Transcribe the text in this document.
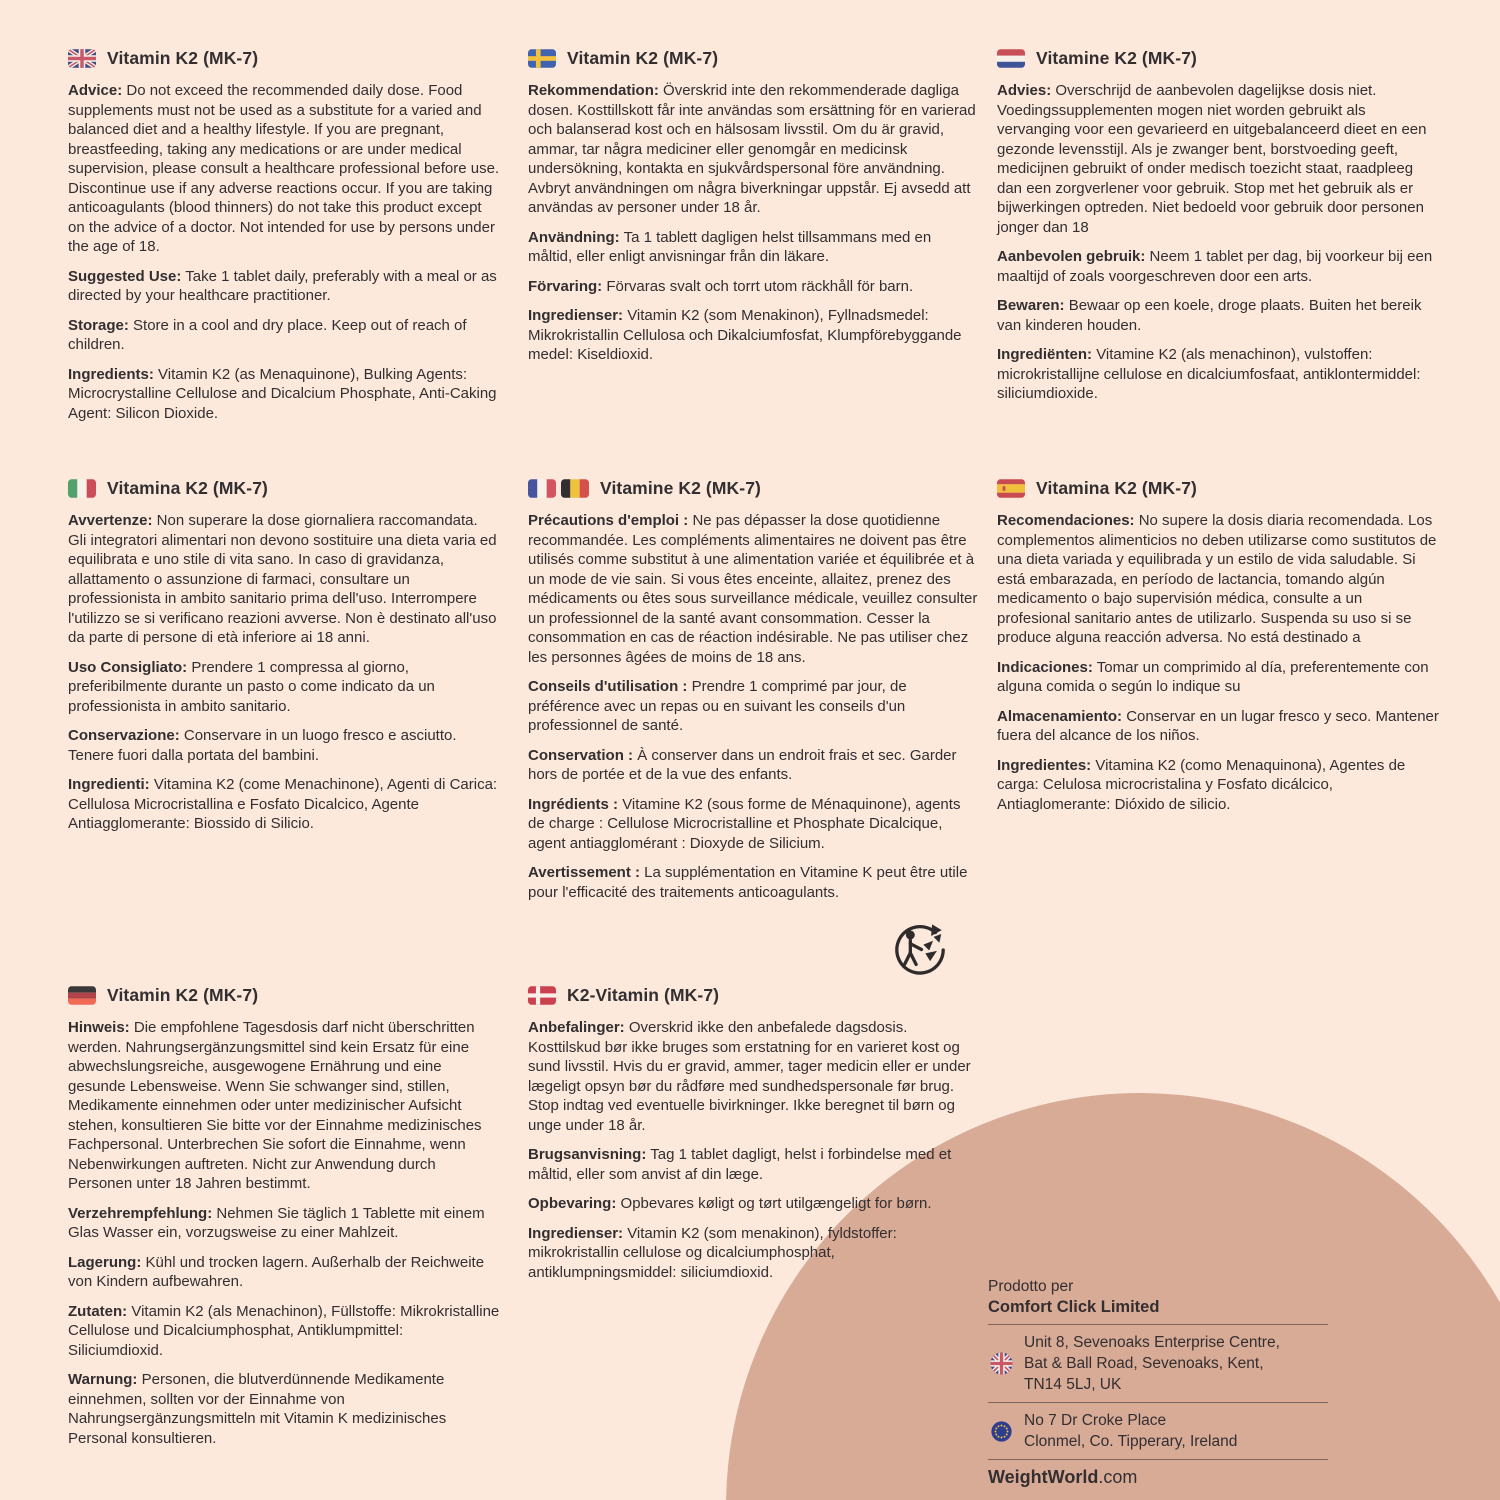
Vitamin K2 (MK-7)

Advice: Do not exceed the recommended daily dose. Food supplements must not be used as a substitute for a varied and balanced diet and a healthy lifestyle. If you are pregnant, breastfeeding, taking any medications or are under medical supervision, please consult a healthcare professional before use. Discontinue use if any adverse reactions occur. If you are taking anticoagulants (blood thinners) do not take this product except on the advice of a doctor. Not intended for use by persons under the age of 18.

Suggested Use: Take 1 tablet daily, preferably with a meal or as directed by your healthcare practitioner.

Storage: Store in a cool and dry place. Keep out of reach of children.

Ingredients: Vitamin K2 (as Menaquinone), Bulking Agents: Microcrystalline Cellulose and Dicalcium Phosphate, Anti-Caking Agent: Silicon Dioxide.

Vitamin K2 (MK-7)

Rekommendation: Överskrid inte den rekommenderade dagliga dosen. Kosttillskott får inte användas som ersättning för en varierad och balanserad kost och en hälsosam livsstil. Om du är gravid, ammar, tar några mediciner eller genomgår en medicinsk undersökning, kontakta en sjukvårdspersonal före användning. Avbryt användningen om några biverkningar uppstår. Ej avsedd att användas av personer under 18 år.

Användning: Ta 1 tablett dagligen helst tillsammans med en måltid, eller enligt anvisningar från din läkare.

Förvaring: Förvaras svalt och torrt utom räckhåll för barn.

Ingredienser: Vitamin K2 (som Menakinon), Fyllnadsmedel: Mikrokristallin Cellulosa och Dikalciumfosfat, Klumpförebyggande medel: Kiseldioxid.

Vitamine K2 (MK-7)

Advies: Overschrijd de aanbevolen dagelijkse dosis niet. Voedingssupplementen mogen niet worden gebruikt als vervanging voor een gevarieerd en uitgebalanceerd dieet en een gezonde levensstijl. Als je zwanger bent, borstvoeding geeft, medicijnen gebruikt of onder medisch toezicht staat, raadpleeg dan een zorgverlener voor gebruik. Stop met het gebruik als er bijwerkingen optreden. Niet bedoeld voor gebruik door personen jonger dan 18

Aanbevolen gebruik: Neem 1 tablet per dag, bij voorkeur bij een maaltijd of zoals voorgeschreven door een arts.

Bewaren: Bewaar op een koele, droge plaats. Buiten het bereik van kinderen houden.

Ingrediënten: Vitamine K2 (als menachinon), vulstoffen: microkristallijne cellulose en dicalciumfosfaat, antiklontermiddel: siliciumdioxide.

Vitamina K2 (MK-7)

Avvertenze: Non superare la dose giornaliera raccomandata. Gli integratori alimentari non devono sostituire una dieta varia ed equilibrata e uno stile di vita sano. In caso di gravidanza, allattamento o assunzione di farmaci, consultare un professionista in ambito sanitario prima dell'uso. Interrompere l'utilizzo se si verificano reazioni avverse. Non è destinato all'uso da parte di persone di età inferiore ai 18 anni.

Uso Consigliato: Prendere 1 compressa al giorno, preferibilmente durante un pasto o come indicato da un professionista in ambito sanitario.

Conservazione: Conservare in un luogo fresco e asciutto. Tenere fuori dalla portata del bambini.

Ingredienti: Vitamina K2 (come Menachinone), Agenti di Carica: Cellulosa Microcristallina e Fosfato Dicalcico, Agente Antiagglomerante: Biossido di Silicio.

Vitamine K2 (MK-7)

Précautions d'emploi : Ne pas dépasser la dose quotidienne recommandée. Les compléments alimentaires ne doivent pas être utilisés comme substitut à une alimentation variée et équilibrée et à un mode de vie sain. Si vous êtes enceinte, allaitez, prenez des médicaments ou êtes sous surveillance médicale, veuillez consulter un professionnel de la santé avant consommation. Cesser la consommation en cas de réaction indésirable. Ne pas utiliser chez les personnes âgées de moins de 18 ans.

Conseils d'utilisation : Prendre 1 comprimé par jour, de préférence avec un repas ou en suivant les conseils d'un professionnel de santé.

Conservation : À conserver dans un endroit frais et sec. Garder hors de portée et de la vue des enfants.

Ingrédients : Vitamine K2 (sous forme de Ménaquinone), agents de charge : Cellulose Microcristalline et Phosphate Dicalcique, agent antiagglomérant : Dioxyde de Silicium.

Avertissement : La supplémentation en Vitamine K peut être utile pour l'efficacité des traitements anticoagulants.

Vitamina K2 (MK-7)

Recomendaciones: No supere la dosis diaria recomendada. Los complementos alimenticios no deben utilizarse como sustitutos de una dieta variada y equilibrada y un estilo de vida saludable. Si está embarazada, en período de lactancia, tomando algún medicamento o bajo supervisión médica, consulte a un profesional sanitario antes de utilizarlo. Suspenda su uso si se produce alguna reacción adversa. No está destinado a

Indicaciones: Tomar un comprimido al día, preferentemente con alguna comida o según lo indique su

Almacenamiento: Conservar en un lugar fresco y seco. Mantener fuera del alcance de los niños.

Ingredientes: Vitamina K2 (como Menaquinona), Agentes de carga: Celulosa microcristalina y Fosfato dicálcico, Antiaglomerante: Dióxido de silicio.

Vitamin K2 (MK-7)

Hinweis: Die empfohlene Tagesdosis darf nicht überschritten werden. Nahrungsergänzungsmittel sind kein Ersatz für eine abwechslungsreiche, ausgewogene Ernährung und eine gesunde Lebensweise. Wenn Sie schwanger sind, stillen, Medikamente einnehmen oder unter medizinischer Aufsicht stehen, konsultieren Sie bitte vor der Einnahme medizinisches Fachpersonal. Unterbrechen Sie sofort die Einnahme, wenn Nebenwirkungen auftreten. Nicht zur Anwendung durch Personen unter 18 Jahren bestimmt.

Verzehrempfehlung: Nehmen Sie täglich 1 Tablette mit einem Glas Wasser ein, vorzugsweise zu einer Mahlzeit.

Lagerung: Kühl und trocken lagern. Außerhalb der Reichweite von Kindern aufbewahren.

Zutaten: Vitamin K2 (als Menachinon), Füllstoffe: Mikrokristalline Cellulose und Dicalciumphosphat, Antiklumpmittel: Siliciumdioxid.

Warnung: Personen, die blutverdünnende Medikamente einnehmen, sollten vor der Einnahme von Nahrungsergänzungsmitteln mit Vitamin K medizinisches Personal konsultieren.

K2-Vitamin (MK-7)

Anbefalinger: Overskrid ikke den anbefalede dagsdosis. Kosttilskud bør ikke bruges som erstatning for en varieret kost og sund livsstil. Hvis du er gravid, ammer, tager medicin eller er under lægeligt opsyn bør du rådføre med sundhedspersonale før brug. Stop indtag ved eventuelle bivirkninger. Ikke beregnet til børn og unge under 18 år.

Brugsanvisning: Tag 1 tablet dagligt, helst i forbindelse med et måltid, eller som anvist af din læge.

Opbevaring: Opbevares køligt og tørt utilgængeligt for børn.

Ingredienser: Vitamin K2 (som menakinon), fyldstoffer: mikrokristallin cellulose og dicalciumphosphat, antiklumpningsmiddel: siliciumdioxid.

Prodotto per

Comfort Click Limited

Unit 8, Sevenoaks Enterprise Centre,
Bat & Ball Road, Sevenoaks, Kent,
TN14 5LJ, UK
No 7 Dr Croke Place
Clonmel, Co. Tipperary, Ireland

WeightWorld.com
